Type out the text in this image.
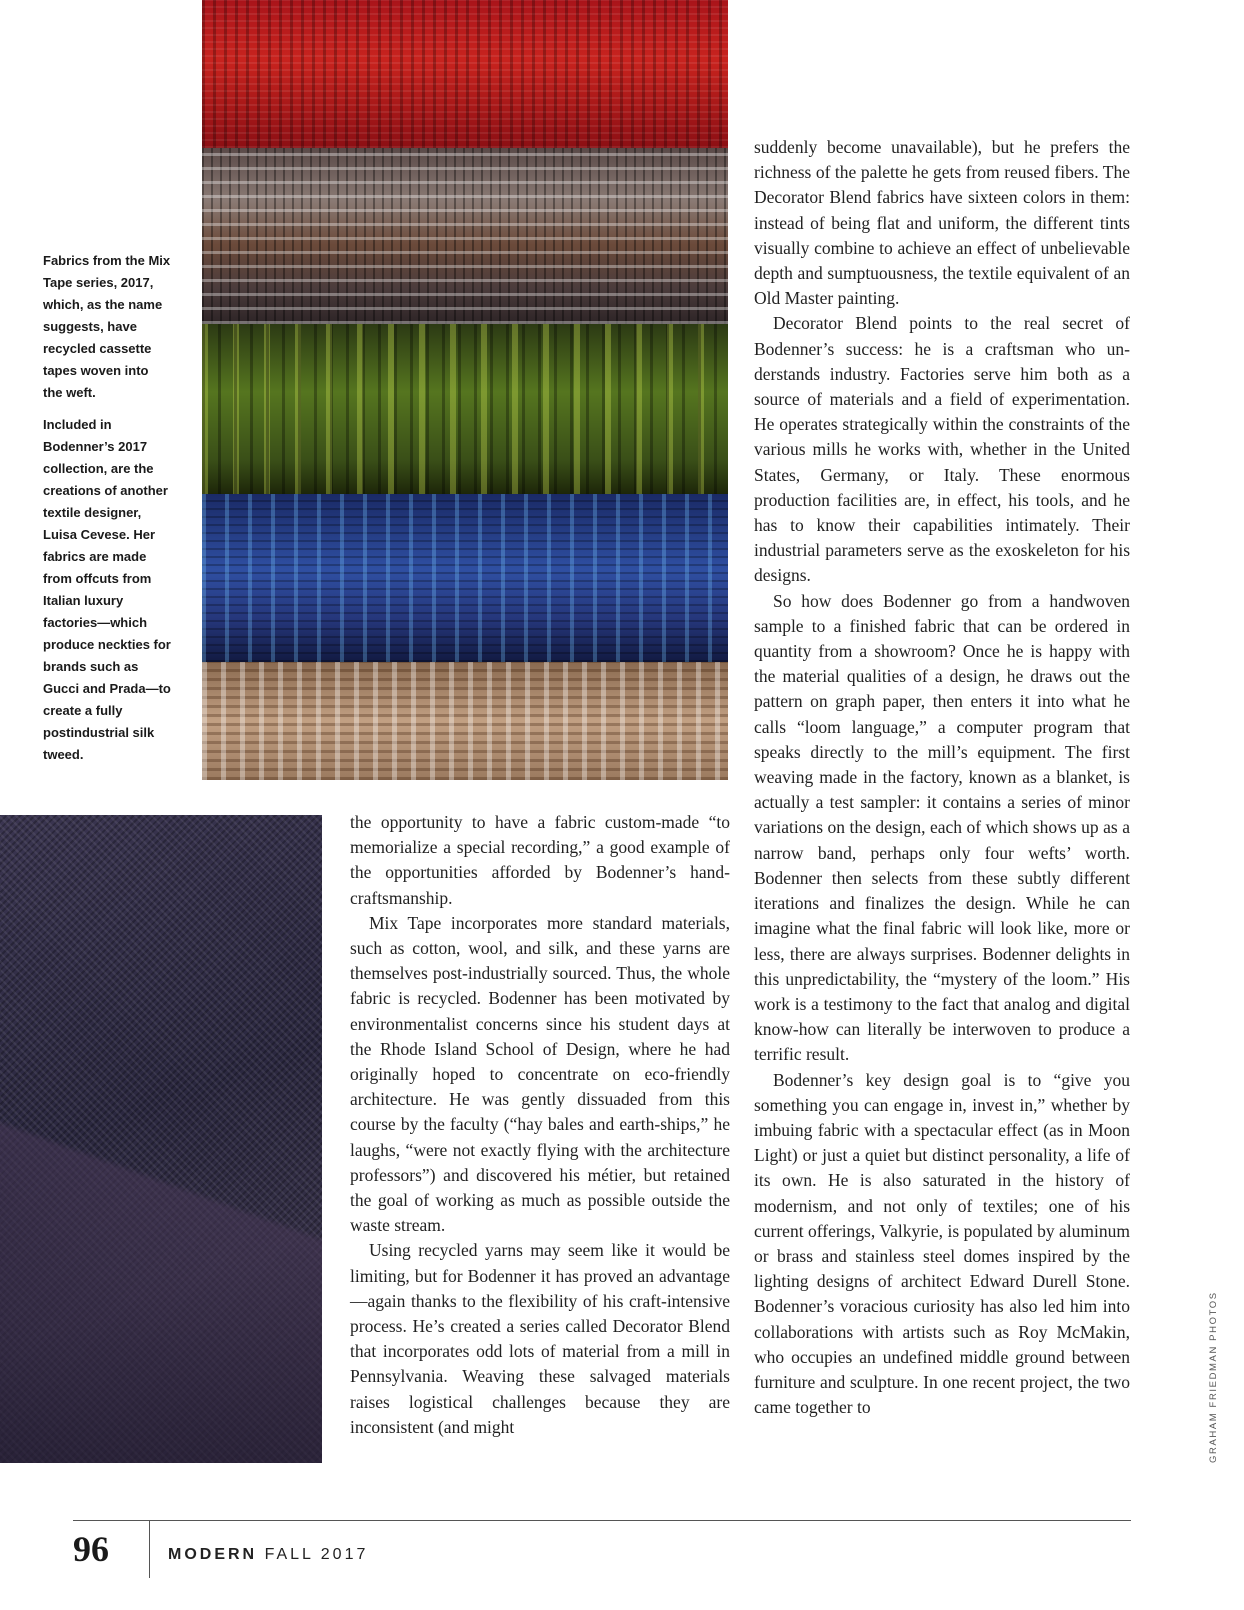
Fabrics from the Mix Tape series, 2017, which, as the name suggests, have recycled cassette tapes woven into the weft.

Included in Bodenner’s 2017 collection, are the creations of another textile designer, Luisa Cevese. Her fabrics are made from offcuts from Italian luxury factories—which produce neckties for brands such as Gucci and Prada—to create a fully postindustrial silk tweed.

the opportunity to have a fabric custom-made “to memorialize a special recording,” a good example of the opportunities afforded by Bodenner’s hand-craftsmanship.

Mix Tape incorporates more standard materials, such as cotton, wool, and silk, and these yarns are themselves post-industrially sourced. Thus, the whole fabric is recycled. Bodenner has been motivated by environmentalist concerns since his student days at the Rhode Island School of Design, where he had originally hoped to concentrate on eco-friendly architecture. He was gently dissuaded from this course by the faculty (“hay bales and earth-ships,” he laughs, “were not exactly flying with the architecture professors”) and discovered his métier, but retained the goal of working as much as possible outside the waste stream.

Using recycled yarns may seem like it would be limiting, but for Bodenner it has proved an advantage—again thanks to the flexibility of his craft-intensive process. He’s created a series called Decorator Blend that incorporates odd lots of material from a mill in Pennsylvania. Weaving these salvaged materials raises logistical challenges because they are inconsistent (and might

suddenly become unavailable), but he prefers the richness of the palette he gets from reused fibers. The Decorator Blend fabrics have sixteen colors in them: instead of being flat and uniform, the different tints visually combine to achieve an effect of unbelievable depth and sumptuousness, the textile equivalent of an Old Master painting.

Decorator Blend points to the real secret of Bodenner’s success: he is a craftsman who understands industry. Factories serve him both as a source of materials and a field of experimentation. He operates strategically within the constraints of the various mills he works with, whether in the United States, Germany, or Italy. These enormous production facilities are, in effect, his tools, and he has to know their capabilities intimately. Their industrial parameters serve as the exoskeleton for his designs.

So how does Bodenner go from a handwoven sample to a finished fabric that can be ordered in quantity from a showroom? Once he is happy with the material qualities of a design, he draws out the pattern on graph paper, then enters it into what he calls “loom language,” a computer program that speaks directly to the mill’s equipment. The first weaving made in the factory, known as a blanket, is actually a test sampler: it contains a series of minor variations on the design, each of which shows up as a narrow band, perhaps only four wefts’ worth. Bodenner then selects from these subtly different iterations and finalizes the design. While he can imagine what the final fabric will look like, more or less, there are always surprises. Bodenner delights in this unpredictability, the “mystery of the loom.” His work is a testimony to the fact that analog and digital know-how can literally be interwoven to produce a terrific result.

Bodenner’s key design goal is to “give you something you can engage in, invest in,” whether by imbuing fabric with a spectacular effect (as in Moon Light) or just a quiet but distinct personality, a life of its own. He is also saturated in the history of modernism, and not only of textiles; one of his current offerings, Valkyrie, is populated by aluminum or brass and stainless steel domes inspired by the lighting designs of architect Edward Durell Stone. Bodenner’s voracious curiosity has also led him into collaborations with artists such as Roy McMakin, who occupies an undefined middle ground between furniture and sculpture. In one recent project, the two came together to	GRAHAM FRIEDMAN PHOTOS
96	MODERN FALL 2017
